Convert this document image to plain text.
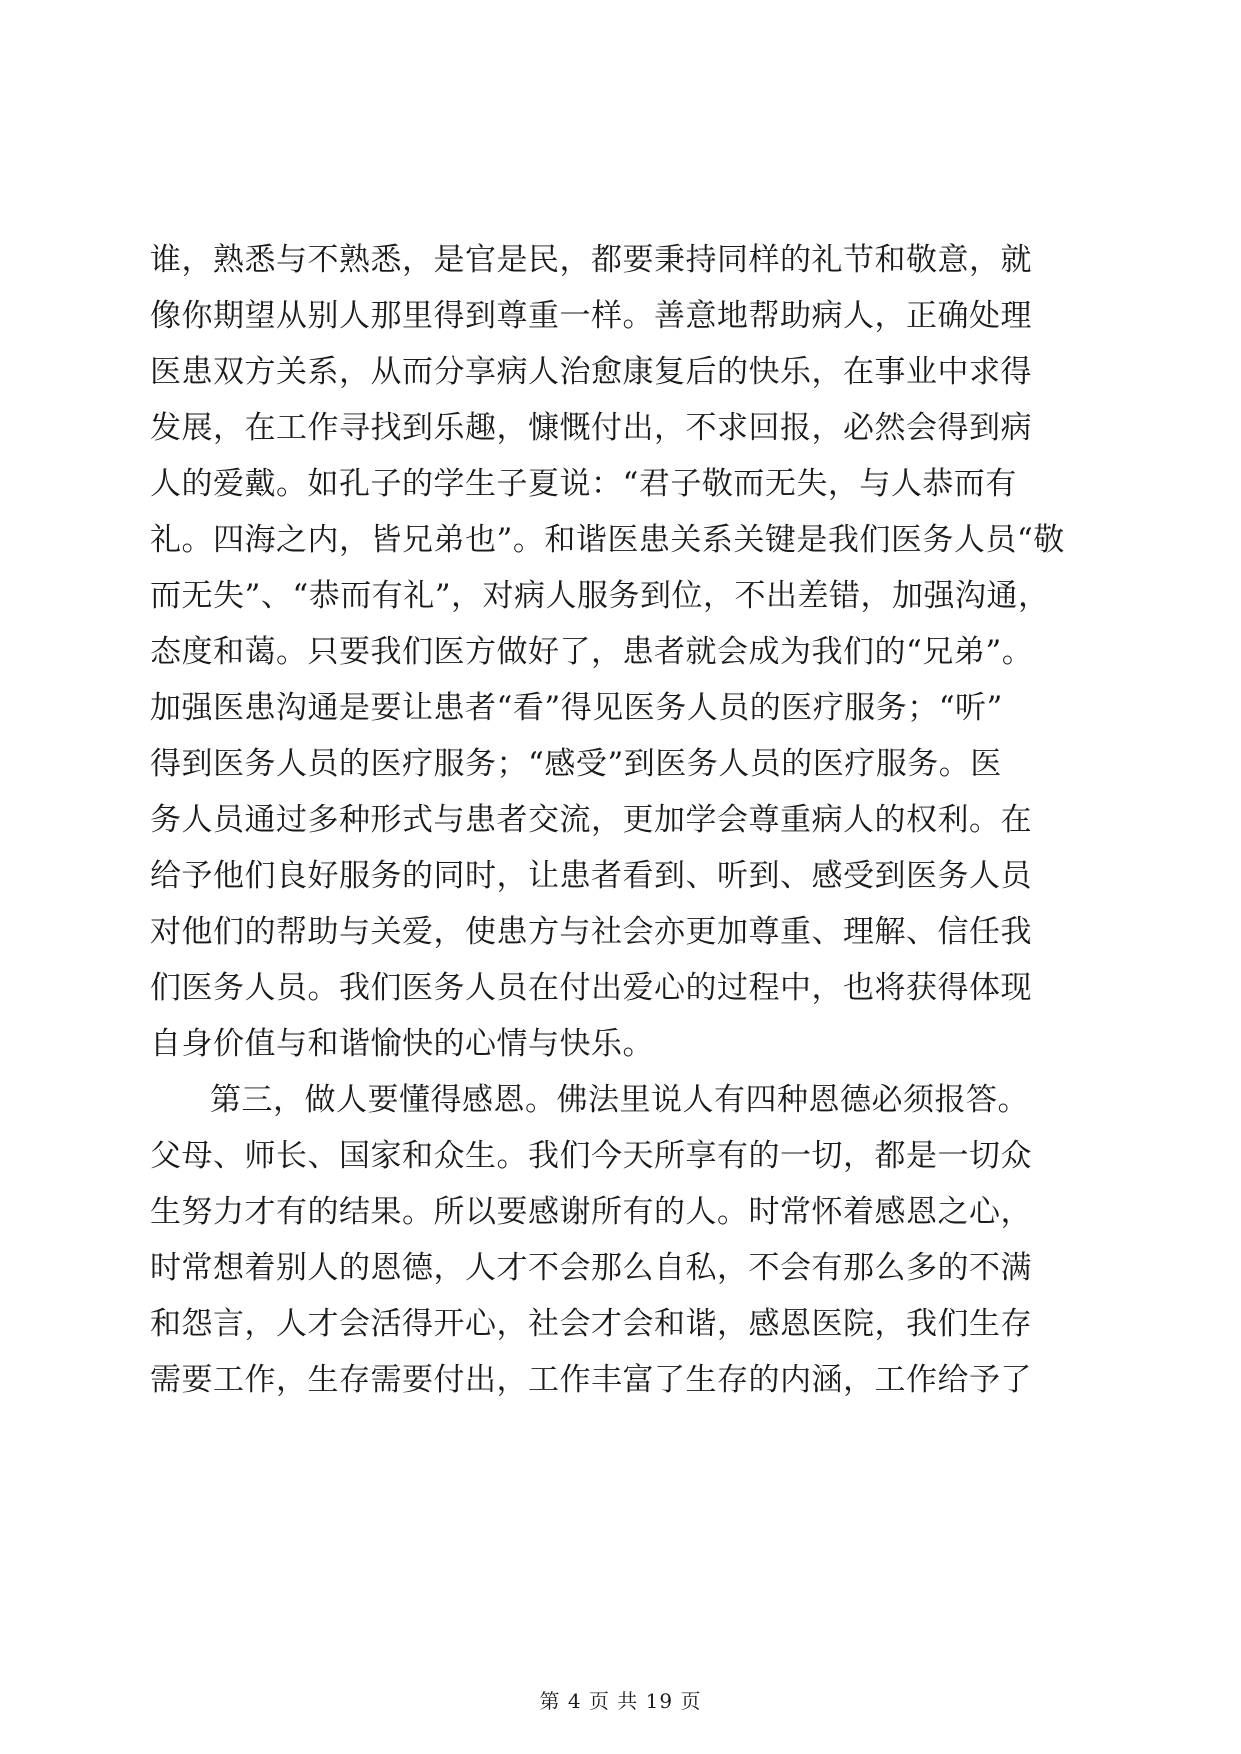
谁，熟悉与不熟悉，是官是民，都要秉持同样的礼节和敬意，就
像你期望从别人那里得到尊重一样。善意地帮助病人，正确处理
医患双方关系，从而分享病人治愈康复后的快乐，在事业中求得
发展，在工作寻找到乐趣，慷慨付出，不求回报，必然会得到病
人的爱戴。如孔子的学生子夏说：“君子敬而无失，与人恭而有
礼。四海之内，皆兄弟也”。和谐医患关系关键是我们医务人员“敬
而无失”、“恭而有礼”，对病人服务到位，不出差错，加强沟通，
态度和蔼。只要我们医方做好了，患者就会成为我们的“兄弟”。
加强医患沟通是要让患者“看”得见医务人员的医疗服务；“听”
得到医务人员的医疗服务；“感受”到医务人员的医疗服务。医
务人员通过多种形式与患者交流，更加学会尊重病人的权利。在
给予他们良好服务的同时，让患者看到、听到、感受到医务人员
对他们的帮助与关爱，使患方与社会亦更加尊重、理解、信任我
们医务人员。我们医务人员在付出爱心的过程中，也将获得体现
自身价值与和谐愉快的心情与快乐。
第三，做人要懂得感恩。佛法里说人有四种恩德必须报答。
父母、师长、国家和众生。我们今天所享有的一切，都是一切众
生努力才有的结果。所以要感谢所有的人。时常怀着感恩之心，
时常想着别人的恩德，人才不会那么自私，不会有那么多的不满
和怨言，人才会活得开心，社会才会和谐，感恩医院，我们生存
需要工作，生存需要付出，工作丰富了生存的内涵，工作给予了
第 4 页 共 19 页
